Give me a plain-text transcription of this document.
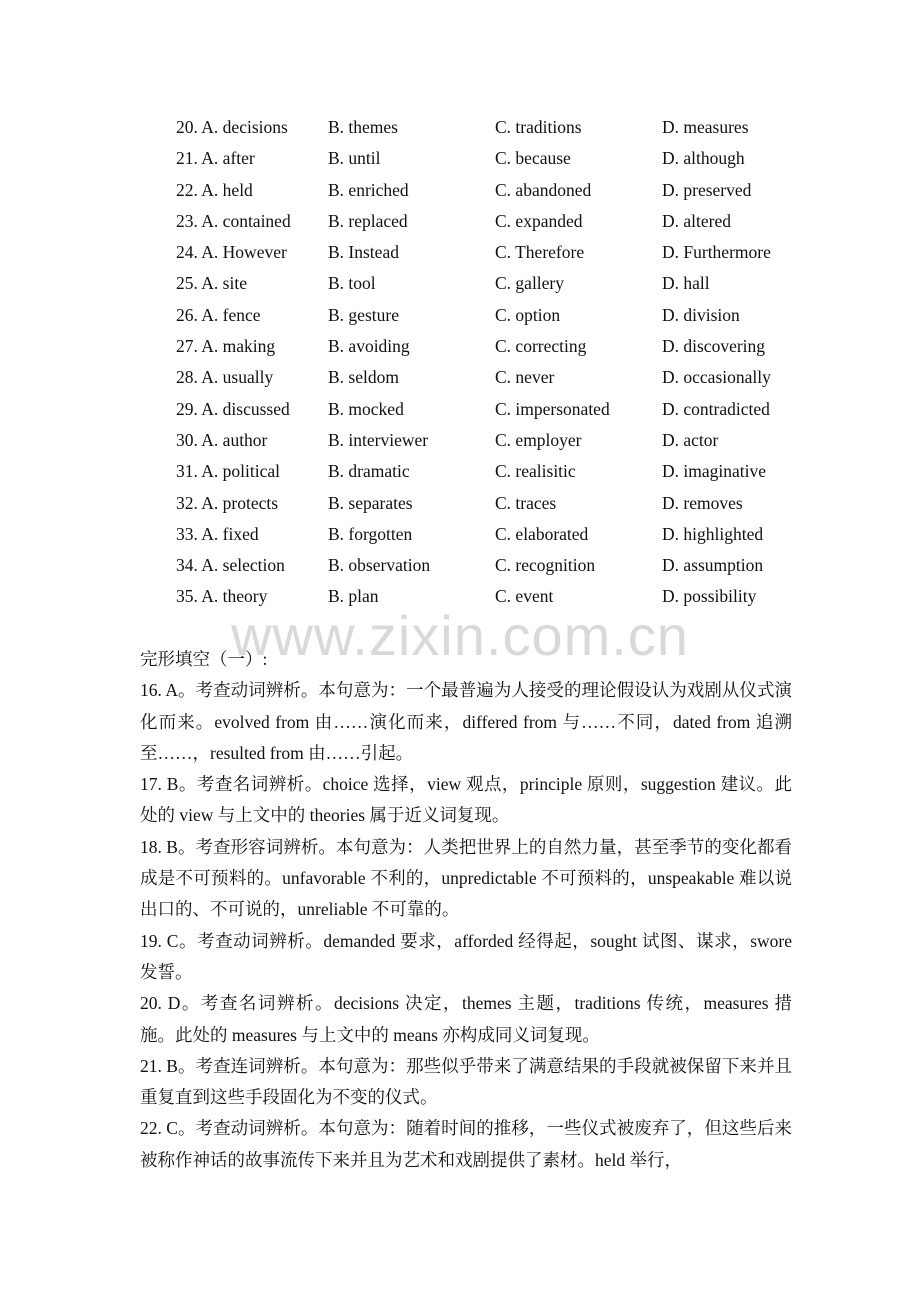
20. A. decisions	B. themes	C. traditions	D. measures
21. A. after	B. until	C. because	D. although
22. A. held	B. enriched	C. abandoned	D. preserved
23. A. contained	B. replaced	C. expanded	D. altered
24. A. However	B. Instead	C. Therefore	D. Furthermore
25. A. site	B. tool	C. gallery	D. hall
26. A. fence	B. gesture	C. option	D. division
27. A. making	B. avoiding	C. correcting	D. discovering
28. A. usually	B. seldom	C. never	D. occasionally
29. A. discussed	B. mocked	C. impersonated	D. contradicted
30. A. author	B. interviewer	C. employer	D. actor
31. A. political	B. dramatic	C. realisitic	D. imaginative
32. A. protects	B. separates	C. traces	D. removes
33. A. fixed	B. forgotten	C. elaborated	D. highlighted
34. A. selection	B. observation	C. recognition	D. assumption
35. A. theory	B. plan	C. event	D. possibility
www.zixin.com.cn
完形填空（一）:
16. A。考查动词辨析。本句意为：一个最普遍为人接受的理论假设认为戏剧从仪式演化而来。evolved from 由……演化而来，differed from 与……不同，dated from 追溯至……，resulted from 由……引起。
17. B。考查名词辨析。choice 选择，view 观点，principle 原则，suggestion 建议。此处的 view 与上文中的 theories 属于近义词复现。
18. B。考查形容词辨析。本句意为：人类把世界上的自然力量，甚至季节的变化都看成是不可预料的。unfavorable 不利的，unpredictable 不可预料的，unspeakable 难以说出口的、不可说的，unreliable 不可靠的。
19. C。考查动词辨析。demanded 要求，afforded 经得起，sought 试图、谋求，swore 发誓。
20. D。考查名词辨析。decisions 决定，themes 主题，traditions 传统，measures 措施。此处的 measures 与上文中的 means 亦构成同义词复现。
21. B。考查连词辨析。本句意为：那些似乎带来了满意结果的手段就被保留下来并且重复直到这些手段固化为不变的仪式。
22. C。考查动词辨析。本句意为：随着时间的推移，一些仪式被废弃了，但这些后来被称作神话的故事流传下来并且为艺术和戏剧提供了素材。held 举行，
